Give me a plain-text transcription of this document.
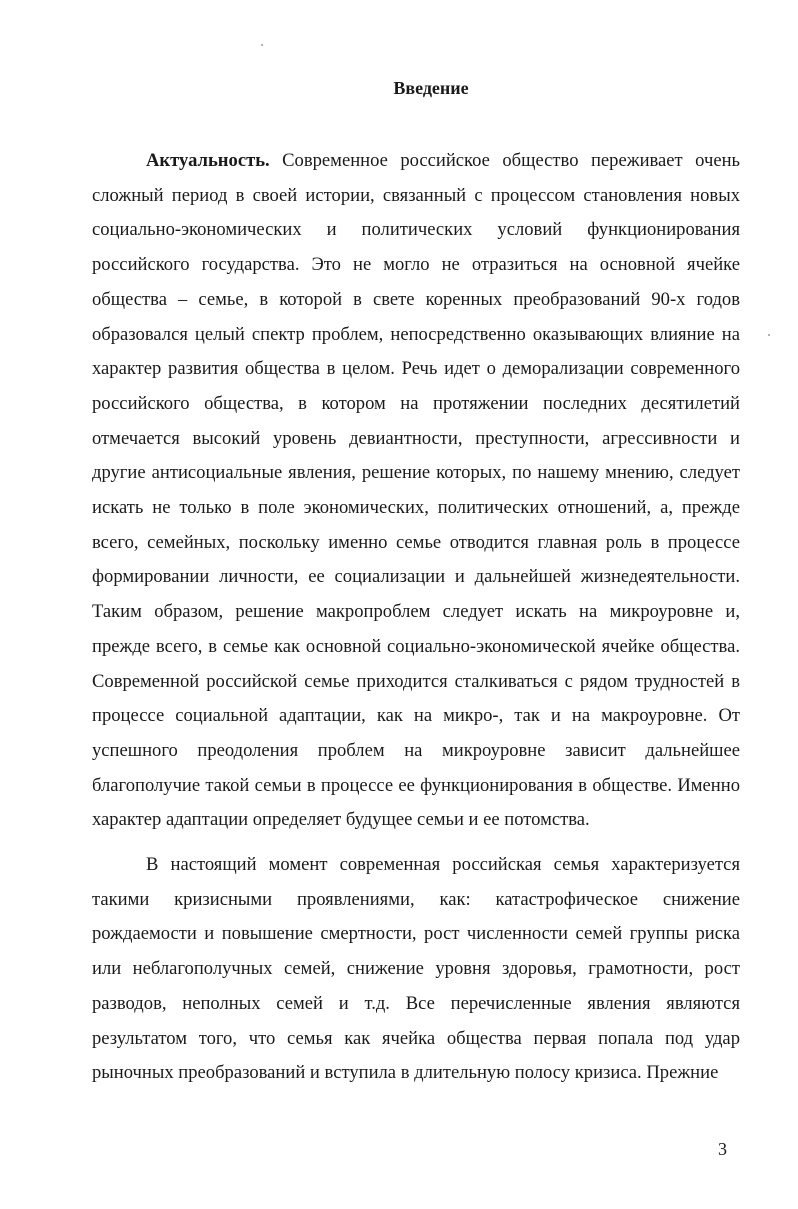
Введение

Актуальность. Современное российское общество переживает очень сложный период в своей истории, связанный с процессом становления новых социально-экономических и политических условий функционирования российского государства. Это не могло не отразиться на основной ячейке общества – семье, в которой в свете коренных преобразований 90-х годов образовался целый спектр проблем, непосредственно оказывающих влияние на характер развития общества в целом. Речь идет о деморализации современного российского общества, в котором на протяжении последних десятилетий отмечается высокий уровень девиантности, преступности, агрессивности и другие антисоциальные явления, решение которых, по нашему мнению, следует искать не только в поле экономических, политических отношений, а, прежде всего, семейных, поскольку именно семье отводится главная роль в процессе формировании личности, ее социализации и дальнейшей жизнедеятельности. Таким образом, решение макропроблем следует искать на микроуровне и, прежде всего, в семье как основной социально-экономической ячейке общества. Современной российской семье приходится сталкиваться с рядом трудностей в процессе социальной адаптации, как на микро-, так и на макроуровне. От успешного преодоления проблем на микроуровне зависит дальнейшее благополучие такой семьи в процессе ее функционирования в обществе. Именно характер адаптации определяет будущее семьи и ее потомства.

В настоящий момент современная российская семья характеризуется такими кризисными проявлениями, как: катастрофическое снижение рождаемости и повышение смертности, рост численности семей группы риска или неблагополучных семей, снижение уровня здоровья, грамотности, рост разводов, неполных семей и т.д. Все перечисленные явления являются результатом того, что семья как ячейка общества первая попала под удар рыночных преобразований и вступила в длительную полосу кризиса. Прежние

3
